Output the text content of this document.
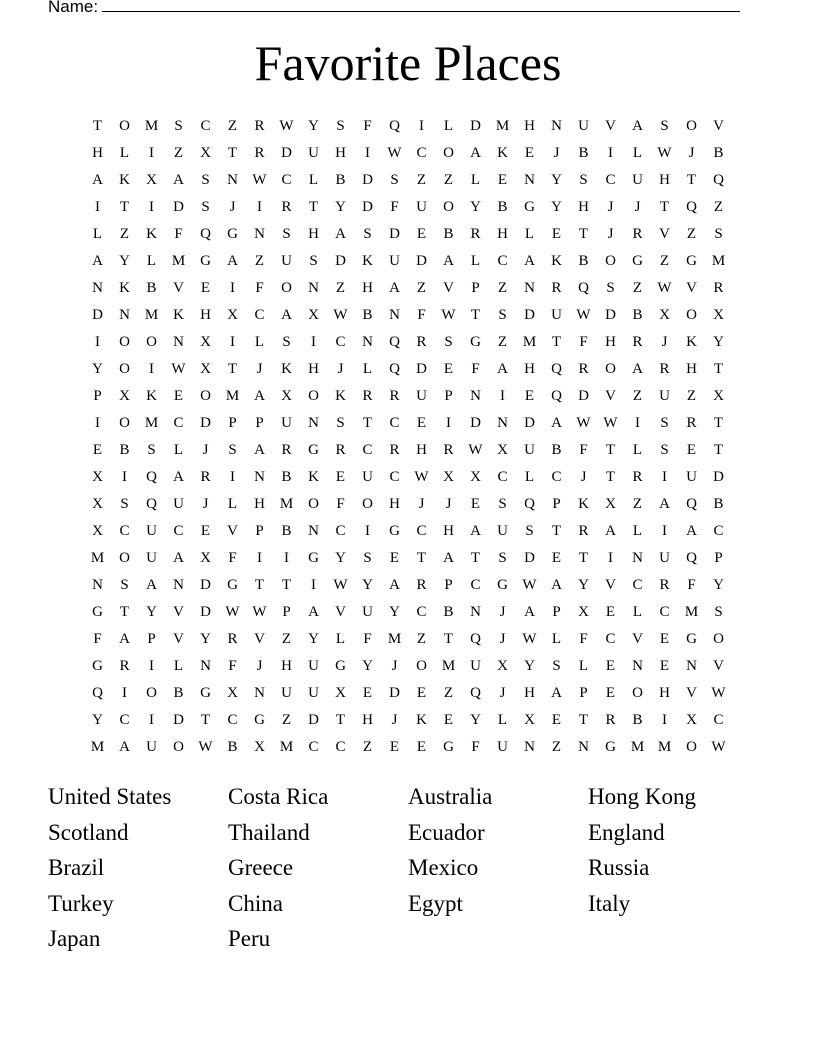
Name:
Favorite Places
T	O M	S	C	Z	R W Y	S	F	Q	I	L	D M H	N	U	V	A	S	O	V
H	L	I	Z	X	T	R	D	U	H	I	W C	O	A	K	E	J	B	I	L	W	J	B
A	K	X	A	S	N W C	L	B	D	S	Z	Z	L	E	N	Y	S	C	U	H	T	Q
I	T	I	D	S	J	I	R	T	Y	D	F	U	O	Y	B	G	Y	H	J	J	T	Q	Z
L	Z	K	F	Q	G	N	S	H	A	S	D	E	B	R	H	L	E	T	J	R	V	Z	S
A	Y	L	M G	A	Z	U	S	D	K	U	D	A	L	C	A	K	B	O	G	Z	G M
N	K	B	V	E	I	F	O	N	Z	H	A	Z	V	P	Z	N	R	Q	S	Z	W V	R
D	N M K	H	X	C	A	X W B	N	F	W	T	S	D	U W D	B	X	O	X
I	O	O	N	X	I	L	S	I	C	N	Q	R	S	G	Z	M	T	F	H	R	J	K	Y
Y	O	I	W X	T	J	K	H	J	L	Q	D	E	F	A	H	Q	R	O	A	R	H	T
P	X	K	E	O M A	X	O	K	R	R	U	P	N	I	E	Q	D	V	Z	U	Z	X
I	O M	C	D	P	P	U	N	S	T	C	E	I	D	N	D	A W W	I	S	R	T
E	B	S	L	J	S	A	R	G	R	C	R	H	R W X	U	B	F	T	L	S	E	T
X	I	Q	A	R	I	N	B	K	E	U	C W X	X	C	L	C	J	T	R	I	U	D
X	S	Q	U	J	L	H M O	F	O	H	J	J	E	S	Q	P	K	X	Z	A	Q	B
X	C	U	C	E	V	P	B	N	C	I	G	C	H	A	U	S	T	R	A	L	I	A	C
M O	U	A	X	F	I	I	G	Y	S	E	T	A	T	S	D	E	T	I	N	U	Q	P
N	S	A	N	D	G	T	T	I	W Y	A	R	P	C	G W A	Y	V	C	R	F	Y
G	T	Y	V	D W W	P	A	V	U	Y	C	B	N	J	A	P	X	E	L	C	M	S
F	A	P	V	Y	R	V	Z	Y	L	F	M	Z	T	Q	J	W	L	F	C	V	E	G	O
G	R	I	L	N	F	J	H	U	G	Y	J	O M U	X	Y	S	L	E	N	E	N	V
Q	I	O	B	G	X	N	U	U	X	E	D	E	Z	Q	J	H	A	P	E	O	H	V W
Y	C	I	D	T	C	G	Z	D	T	H	J	K	E	Y	L	X	E	T	R	B	I	X	C
M A	U	O W B	X M	C	C	Z	E	E	G	F	U	N	Z	N	G M M O W
United States	Costa Rica	Australia	Hong Kong
Scotland	Thailand	Ecuador	England
Brazil	Greece	Mexico	Russia
Turkey	China	Egypt	Italy
Japan	Peru
